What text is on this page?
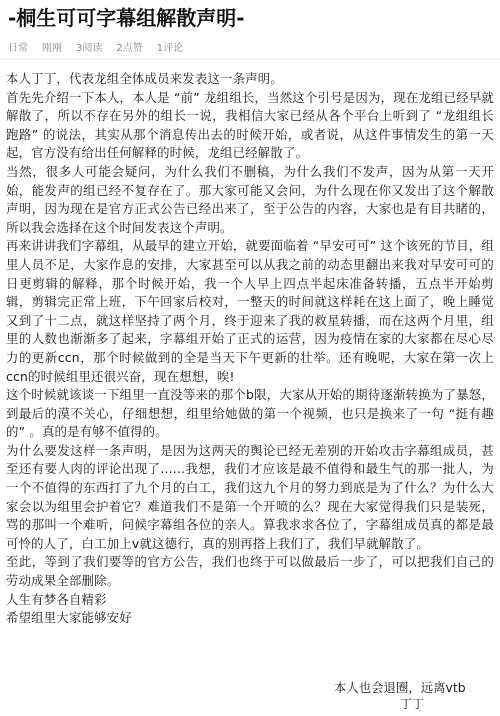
-桐生可可字幕组解散声明-
日常 刚刚 3阅读 2点赞 1评论

本人丁丁，代表龙组全体成员来发表这一条声明。

首先先介绍一下本人，本人是 “前” 龙组组长，当然这个引号是因为，现在龙组已经早就解散了，所以不存在另外的组长一说，我相信大家已经从各个平台上听到了 “龙组组长跑路” 的说法，其实从那个消息传出去的时候开始，或者说，从这件事情发生的第一天起，官方没有给出任何解释的时候，龙组已经解散了。

当然，很多人可能会疑问，为什么我们不删稿，为什么我们不发声，因为从第一天开始，能发声的组已经不复存在了。那大家可能又会问，为什么现在你又发出了这个解散声明，因为现在是官方正式公告已经出来了，至于公告的内容，大家也是有目共睹的，所以我会选择在这个时间发表这个声明。

再来讲讲我们字幕组，从最早的建立开始，就要面临着 “早安可可” 这个该死的节目，组里人员不足，大家作息的安排，大家甚至可以从我之前的动态里翻出来我对早安可可的日更剪辑的解释，那个时候开始，我一个人早上四点半起床准备转播，五点半开始剪辑，剪辑完正常上班，下午回家后校对，一整天的时间就这样耗在这上面了，晚上睡觉又到了十二点，就这样坚持了两个月，终于迎来了我的救星转播，而在这两个月里，组里的人数也渐渐多了起来，字幕组开始了正式的运营，因为疫情在家的大家都在尽心尽力的更新ccn，那个时候做到的全是当天下午更新的壮举。还有晚呢，大家在第一次上ccn的时候组里还很兴奋，现在想想，唉!

这个时候就该谈一下组里一直没等来的那个b限，大家从开始的期待逐渐转换为了暴怒，到最后的漠不关心，仔细想想，组里给她做的第一个视频，也只是换来了一句 “挺有趣的” 。真的是有够不值得的。

为什么要发这样一条声明，是因为这两天的舆论已经无差别的开始攻击字幕组成员，甚至还有要人肉的评论出现了......我想，我们才应该是最不值得和最生气的那一批人，为一个不值得的东西打了九个月的白工，我们这九个月的努力到底是为了什么？为什么大家会以为组里会护着它？难道我们不是第一个开喷的么？现在大家觉得我们只是装死，骂的那叫一个难听，问候字幕组各位的亲人。算我求求各位了，字幕组成员真的都是最可怜的人了，白工加上v就这德行，真的别再搭上我们了，我们早就解散了。

至此，等到了我们要等的官方公告，我们也终于可以做最后一步了，可以把我们自己的劳动成果全部删除。

人生有梦各自精彩

希望组里大家能够安好

本人也会退圈，远离vtb
丁丁
